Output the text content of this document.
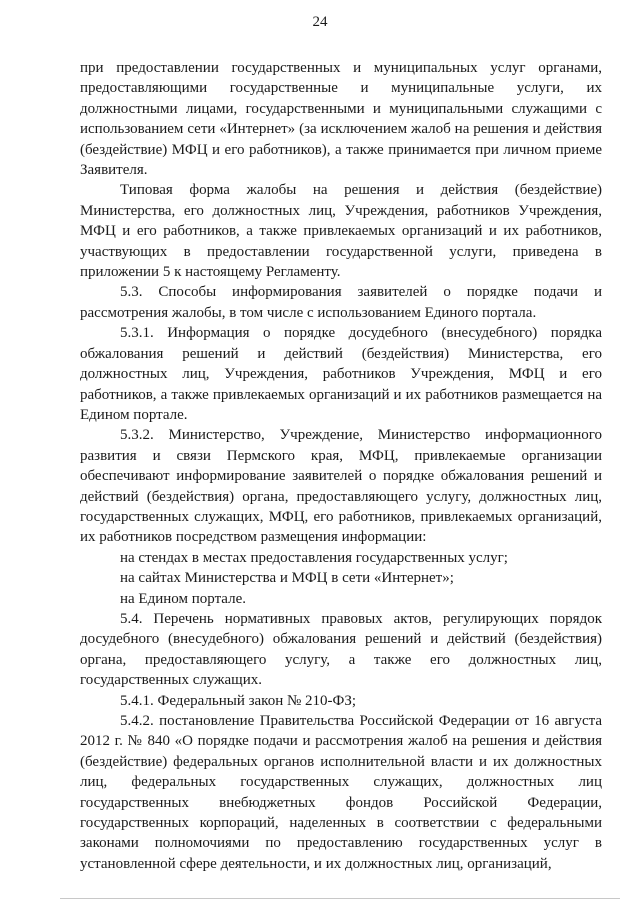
24

при предоставлении государственных и муниципальных услуг органами, предоставляющими государственные и муниципальные услуги, их должностными лицами, государственными и муниципальными служащими с использованием сети «Интернет» (за исключением жалоб на решения и действия (бездействие) МФЦ и его работников), а также принимается при личном приеме Заявителя.

Типовая форма жалобы на решения и действия (бездействие) Министерства, его должностных лиц, Учреждения, работников Учреждения, МФЦ и его работников, а также привлекаемых организаций и их работников, участвующих в предоставлении государственной услуги, приведена в приложении 5 к настоящему Регламенту.

5.3. Способы информирования заявителей о порядке подачи и рассмотрения жалобы, в том числе с использованием Единого портала.

5.3.1. Информация о порядке досудебного (внесудебного) порядка обжалования решений и действий (бездействия) Министерства, его должностных лиц, Учреждения, работников Учреждения, МФЦ и его работников, а также привлекаемых организаций и их работников размещается на Едином портале.

5.3.2. Министерство, Учреждение, Министерство информационного развития и связи Пермского края, МФЦ, привлекаемые организации обеспечивают информирование заявителей о порядке обжалования решений и действий (бездействия) органа, предоставляющего услугу, должностных лиц, государственных служащих, МФЦ, его работников, привлекаемых организаций, их работников посредством размещения информации:

на стендах в местах предоставления государственных услуг;

на сайтах Министерства и МФЦ в сети «Интернет»;

на Едином портале.

5.4. Перечень нормативных правовых актов, регулирующих порядок досудебного (внесудебного) обжалования решений и действий (бездействия) органа, предоставляющего услугу, а также его должностных лиц, государственных служащих.

5.4.1. Федеральный закон № 210-ФЗ;

5.4.2. постановление Правительства Российской Федерации от 16 августа 2012 г. № 840 «О порядке подачи и рассмотрения жалоб на решения и действия (бездействие) федеральных органов исполнительной власти и их должностных лиц, федеральных государственных служащих, должностных лиц государственных внебюджетных фондов Российской Федерации, государственных корпораций, наделенных в соответствии с федеральными законами полномочиями по предоставлению государственных услуг в установленной сфере деятельности, и их должностных лиц, организаций,
